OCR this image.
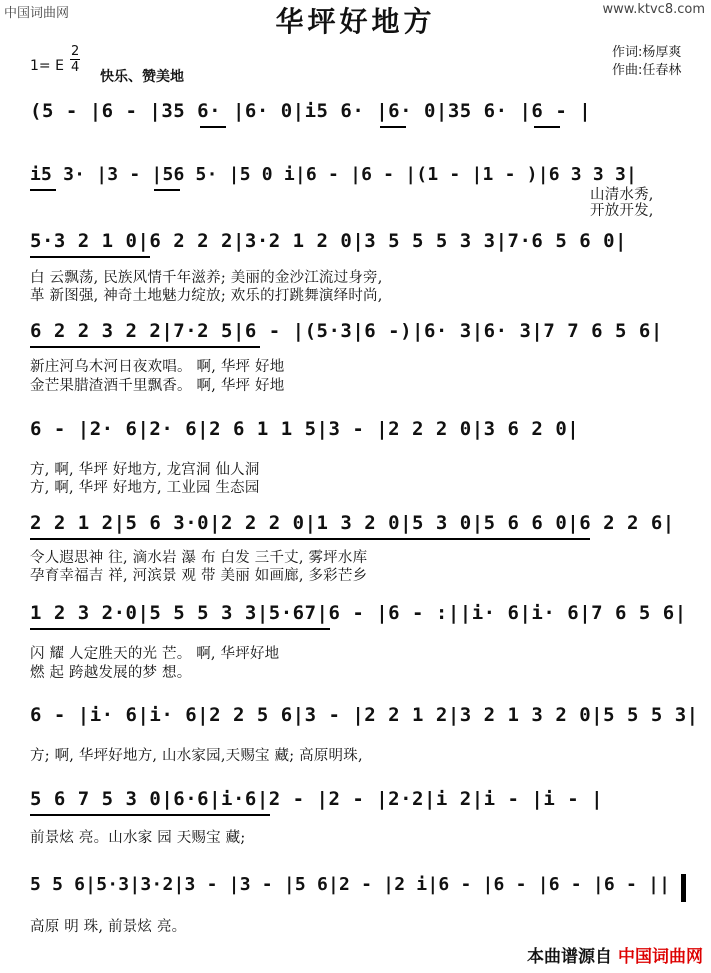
中国词曲网	www.ktvc8.com
华坪好地方
1= E
2
4
快乐、赞美地
作词:杨厚爽
作曲:任春林
(5 - |6 - |35 6· |6· 0|i5 6· |6· 0|35 6· |6 - |
i5 3· |3 - |56 5· |5 0 i|6 - |6 - |(1 - |1 - )|6 3 3 3|
山清水秀,
开放开发,
5·3 2 1 0|6 2 2 2|3·2 1 2 0|3 5 5 5 3 3|7·6 5 6 0|
白 云飘荡, 民族风情千年滋养; 美丽的金沙江流过身旁,
革 新图强, 神奇土地魅力绽放; 欢乐的打跳舞演绎时尚,
6 2 2 3 2 2|7·2 5|6 - |(5·3|6 -)|6· 3|6· 3|7 7 6 5 6|
新庄河乌木河日夜欢唱。 啊, 华坪 好地
金芒果腊渣酒千里飘香。 啊, 华坪 好地
6 - |2· 6|2· 6|2 6 1 1 5|3 - |2 2 2 0|3 6 2 0|
方, 啊, 华坪 好地方, 龙宫洞 仙人洞
方, 啊, 华坪 好地方, 工业园 生态园
2 2 1 2|5 6 3·0|2 2 2 0|1 3 2 0|5 3 0|5 6 6 0|6 2 2 6|
令人遐思神 往, 滴水岩 瀑 布 白发 三千丈, 雾坪水库
孕育幸福吉 祥, 河滨景 观 带 美丽 如画廊, 多彩芒乡
1 2 3 2·0|5 5 5 3 3|5·67|6 - |6 - :||i· 6|i· 6|7 6 5 6|
闪 耀 人定胜天的光 芒。 啊, 华坪好地
燃 起 跨越发展的梦 想。
6 - |i· 6|i· 6|2 2 5 6|3 - |2 2 1 2|3 2 1 3 2 0|5 5 5 3|
方; 啊, 华坪好地方, 山水家园,天赐宝 藏; 高原明珠,
5 6 7 5 3 0|6·6|i·6|2 - |2 - |2·2|i 2|i - |i - |
前景炫 亮。山水家 园 天赐宝 藏;
5 5 6|5·3|3·2|3 - |3 - |5 6|2 - |2 i|6 - |6 - |6 - |6 - ||
高原 明 珠, 前景炫 亮。
本曲谱源自 中国词曲网
